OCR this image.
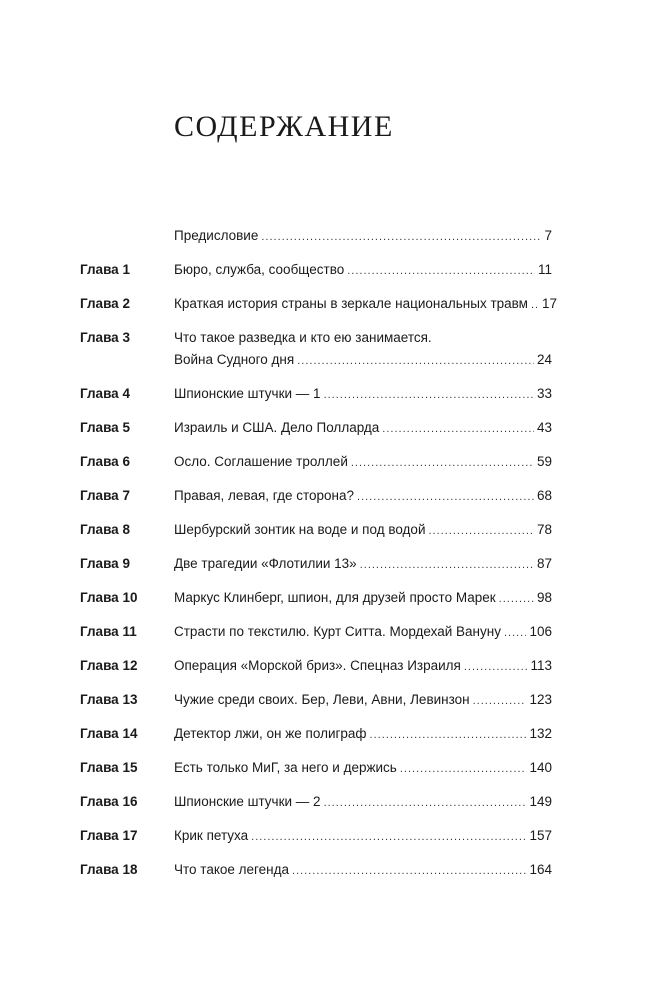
СОДЕРЖАНИЕ
Предисловие .....	7
Глава 1	Бюро, служба, сообщество .....	11
Глава 2	Краткая история страны в зеркале национальных травм ..... 17
Глава 3	Что такое разведка и кто ею занимается.
Война Судного дня .....	24
Глава 4	Шпионские штучки — 1 .....	33
Глава 5	Израиль и США. Дело Полларда .....	43
Глава 6	Осло. Соглашение троллей .....	59
Глава 7	Правая, левая, где сторона? .....	68
Глава 8	Шербурский зонтик на воде и под водой .....	78
Глава 9	Две трагедии «Флотилии 13» .....	87
Глава 10	Маркус Клинберг, шпион, для друзей просто Марек .....	98
Глава 11	Страсти по текстилю. Курт Ситта. Мордехай Вануну ..... 106
Глава 12	Операция «Морской бриз». Спецназ Израиля .....	113
Глава 13	Чужие среди своих. Бер, Леви, Авни, Левинзон .....	123
Глава 14	Детектор лжи, он же полиграф .....	132
Глава 15	Есть только МиГ, за него и держись .....	140
Глава 16	Шпионские штучки — 2 .....	149
Глава 17	Крик петуха .....	157
Глава 18	Что такое легенда .....	164
